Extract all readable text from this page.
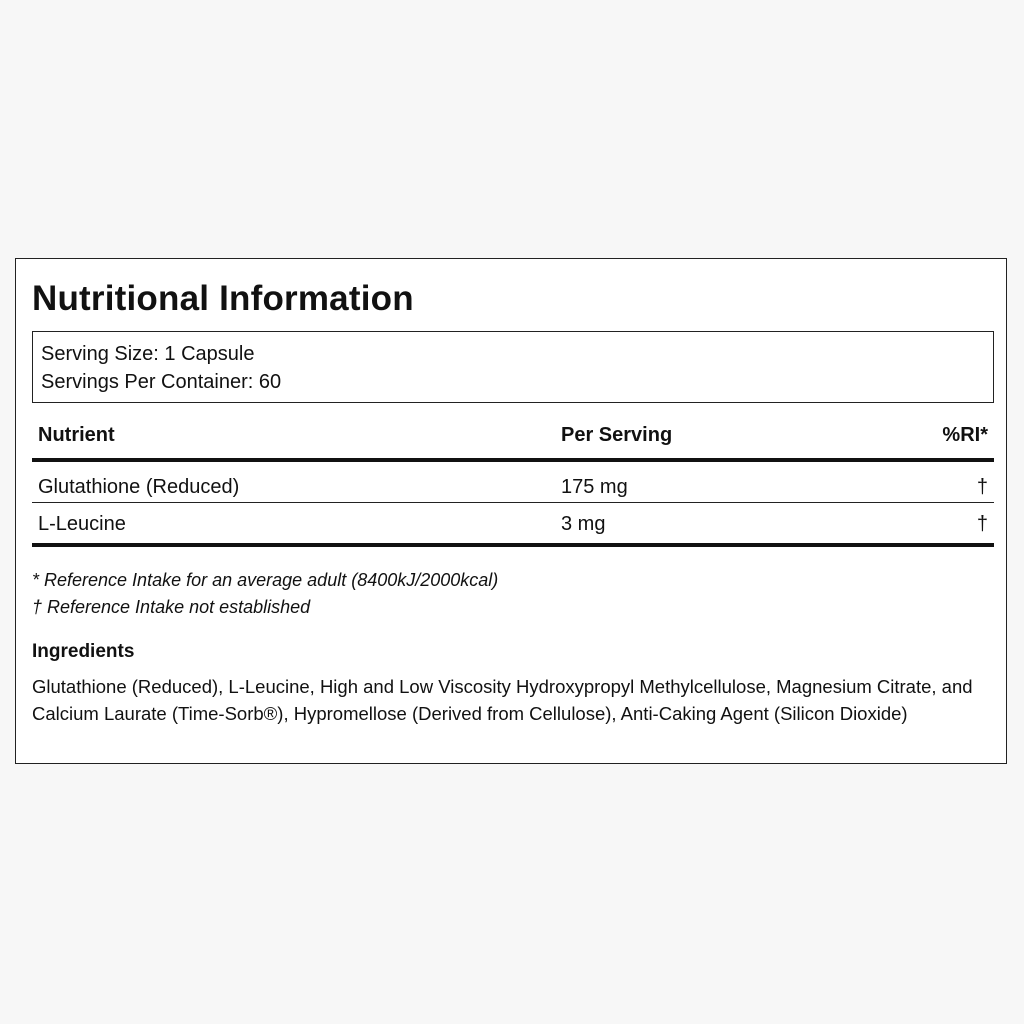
Nutritional Information
Serving Size: 1 Capsule
Servings Per Container: 60
Nutrient	Per Serving	%RI*
Glutathione (Reduced)	175 mg	†
L-Leucine	3 mg	†
* Reference Intake for an average adult (8400kJ/2000kcal)
† Reference Intake not established
Ingredients
Glutathione (Reduced), L-Leucine, High and Low Viscosity Hydroxypropyl Methylcellulose, Magnesium Citrate, and Calcium Laurate (Time-Sorb®), Hypromellose (Derived from Cellulose), Anti-Caking Agent (Silicon Dioxide)
